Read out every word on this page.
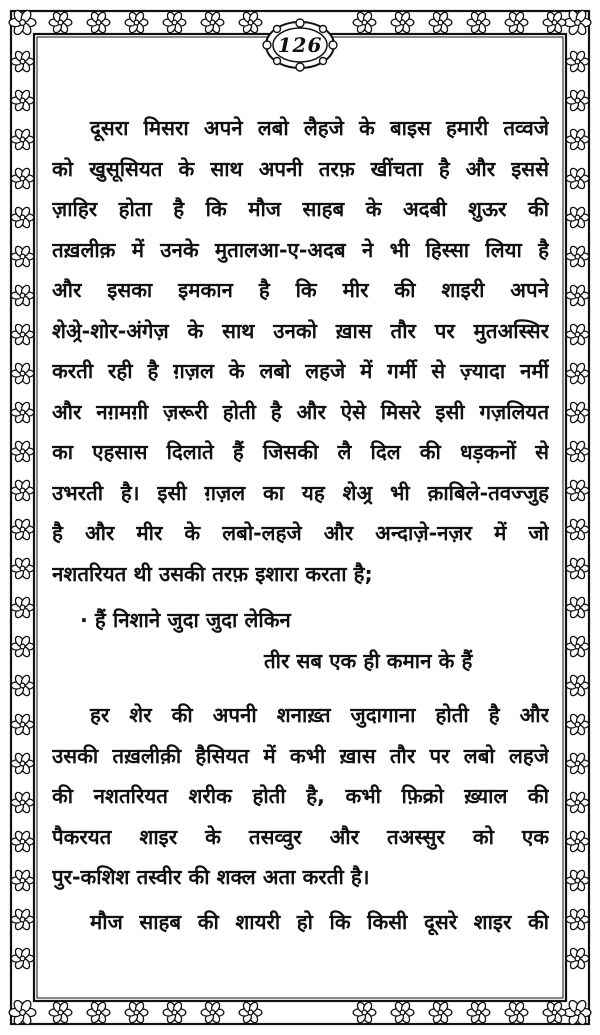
126
दूसरा मिसरा अपने लबो लैहजे के बाइस हमारी तव्वजे
को खुसूसियत के साथ अपनी तरफ़ खींचता है और इससे
ज़ाहिर होता है कि मौज साहब के अदबी शुऊर की
तख़लीक़ में उनके मुतालआ-ए-अदब ने भी हिस्सा लिया है
और इसका इमकान है कि मीर की शाइरी अपने
शेअ्रे-शोर-अंगेज़ के साथ उनको ख़ास तौर पर मुतअस्सिर
करती रही है ग़ज़ल के लबो लहजे में गर्मी से ज़्यादा नर्मी
और नग़मग़ी ज़रूरी होती है और ऐसे मिसरे इसी गज़लियत
का एहसास दिलाते हैं जिसकी लै दिल की धड़कनों से
उभरती है। इसी ग़ज़ल का यह शेअ्र भी क़ाबिले-तवज्जुह
है और मीर के लबो-लहजे और अन्दाज़े-नज़र में जो
नशतरियत थी उसकी तरफ़ इशारा करता है;
· हैं निशाने जुदा जुदा लेकिन
तीर सब एक ही कमान के हैं
हर शेर की अपनी शनाख़्त जुदागाना होती है और
उसकी तख़लीक़ी हैसियत में कभी ख़ास तौर पर लबो लहजे
की नशतरियत शरीक होती है, कभी फ़िक्रो ख़्याल की
पैकरयत शाइर के तसव्वुर और तअस्सुर को एक
पुर-कशिश तस्वीर की शक्ल अता करती है।
मौज साहब की शायरी हो कि किसी दूसरे शाइर की
